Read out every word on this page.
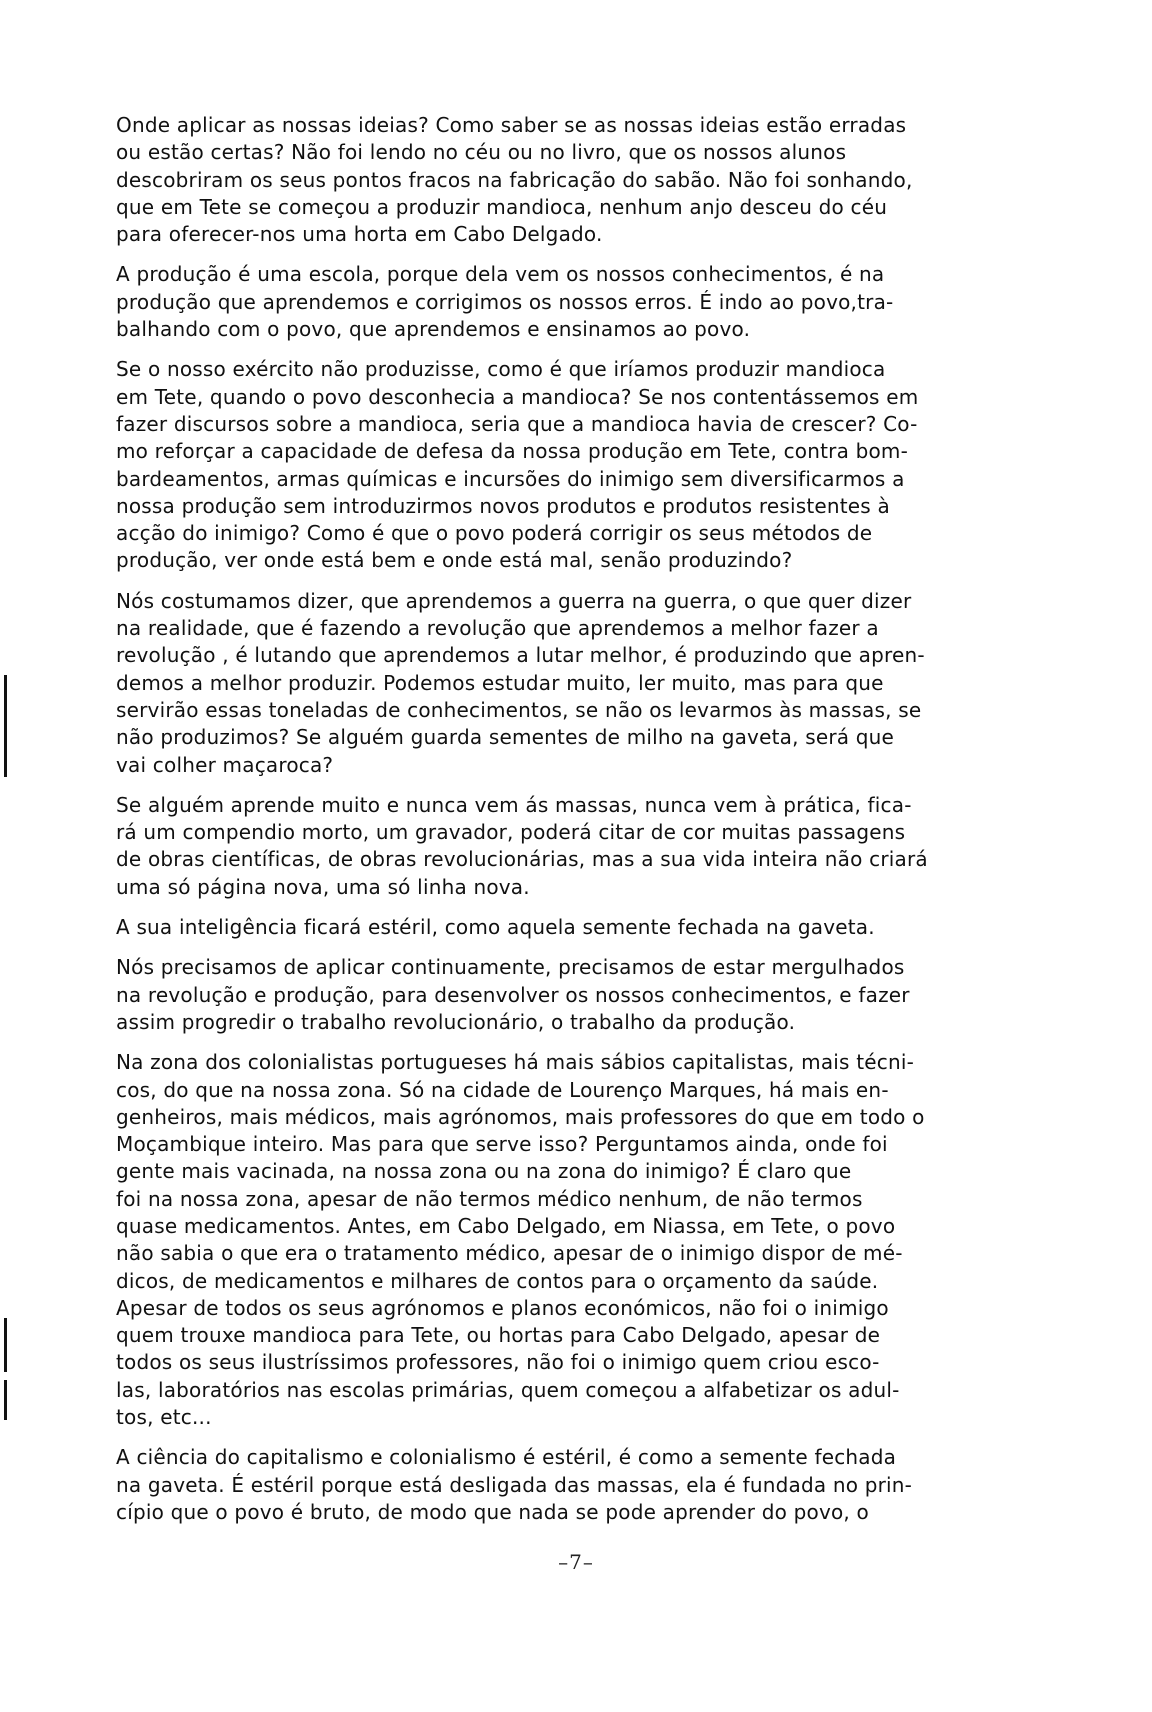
Onde aplicar as nossas ideias? Como saber se as nossas ideias estão erradas
ou estão certas? Não foi lendo no céu ou no livro, que os nossos alunos
descobriram os seus pontos fracos na fabricação do sabão. Não foi sonhando,
que em Tete se começou a produzir mandioca, nenhum anjo desceu do céu
para oferecer-nos uma horta em Cabo Delgado.

A produção é uma escola, porque dela vem os nossos conhecimentos, é na
produção que aprendemos e corrigimos os nossos erros. É indo ao povo,tra-
balhando com o povo, que aprendemos e ensinamos ao povo.

Se o nosso exército não produzisse, como é que iríamos produzir mandioca
em Tete, quando o povo desconhecia a mandioca? Se nos contentássemos em
fazer discursos sobre a mandioca, seria que a mandioca havia de crescer? Co-
mo reforçar a capacidade de defesa da nossa produção em Tete, contra bom-
bardeamentos, armas químicas e incursões do inimigo sem diversificarmos a
nossa produção sem introduzirmos novos produtos e produtos resistentes à
acção do inimigo? Como é que o povo poderá corrigir os seus métodos de
produção, ver onde está bem e onde está mal, senão produzindo?

Nós costumamos dizer, que aprendemos a guerra na guerra, o que quer dizer
na realidade, que é fazendo a revolução que aprendemos a melhor fazer a
revolução , é lutando que aprendemos a lutar melhor, é produzindo que apren-
demos a melhor produzir. Podemos estudar muito, ler muito, mas para que
servirão essas toneladas de conhecimentos, se não os levarmos às massas, se
não produzimos? Se alguém guarda sementes de milho na gaveta, será que
vai colher maçaroca?

Se alguém aprende muito e nunca vem ás massas, nunca vem à prática, fica-
rá um compendio morto, um gravador, poderá citar de cor muitas passagens
de obras científicas, de obras revolucionárias, mas a sua vida inteira não criará
uma só página nova, uma só linha nova.

A sua inteligência ficará estéril, como aquela semente fechada na gaveta.

Nós precisamos de aplicar continuamente, precisamos de estar mergulhados
na revolução e produção, para desenvolver os nossos conhecimentos, e fazer
assim progredir o trabalho revolucionário, o trabalho da produção.

Na zona dos colonialistas portugueses há mais sábios capitalistas, mais técni-
cos, do que na nossa zona. Só na cidade de Lourenço Marques, há mais en-
genheiros, mais médicos, mais agrónomos, mais professores do que em todo o
Moçambique inteiro. Mas para que serve isso? Perguntamos ainda, onde foi
gente mais vacinada, na nossa zona ou na zona do inimigo? É claro que
foi na nossa zona, apesar de não termos médico nenhum, de não termos
quase medicamentos. Antes, em Cabo Delgado, em Niassa, em Tete, o povo
não sabia o que era o tratamento médico, apesar de o inimigo dispor de mé-
dicos, de medicamentos e milhares de contos para o orçamento da saúde.
Apesar de todos os seus agrónomos e planos económicos, não foi o inimigo
quem trouxe mandioca para Tete, ou hortas para Cabo Delgado, apesar de
todos os seus ilustríssimos professores, não foi o inimigo quem criou esco-
las, laboratórios nas escolas primárias, quem começou a alfabetizar os adul-
tos, etc...

A ciência do capitalismo e colonialismo é estéril, é como a semente fechada
na gaveta. É estéril porque está desligada das massas, ela é fundada no prin-
cípio que o povo é bruto, de modo que nada se pode aprender do povo, o

–7–
